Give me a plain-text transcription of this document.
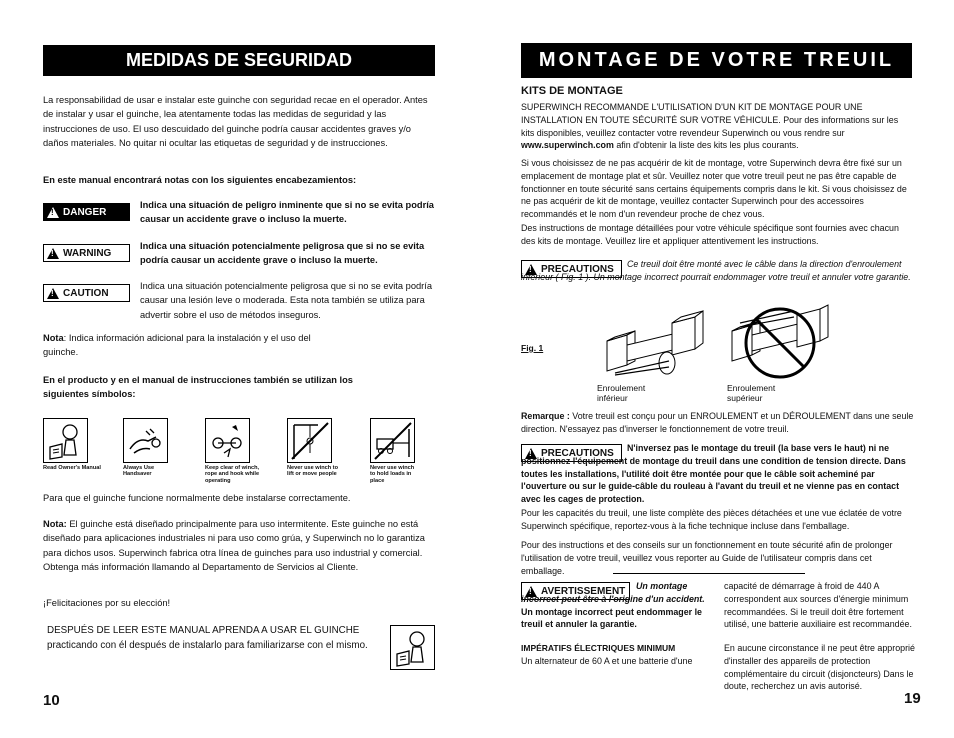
MEDIDAS DE SEGURIDAD

La responsabilidad de usar e instalar este guinche con seguridad recae en el operador. Antes de instalar y usar el guinche, lea atentamente todas las medidas de seguridad y las instrucciones de uso. El uso descuidado del guinche podría causar accidentes graves y/o daños materiales. No quitar ni ocultar las etiquetas de seguridad y de instrucciones.

En este manual encontrará notas con los siguientes encabezamientos:

!
DANGER

Indica una situación de peligro inminente que si no se evita podría causar un accidente grave o incluso la muerte.

!
WARNING

Indica una situación potencialmente peligrosa que si no se evita podría causar un accidente grave o incluso la muerte.

!
CAUTION

Indica una situación potencialmente peligrosa que si no se evita podría causar una lesión leve o moderada. Esta nota también se utiliza para advertir sobre el uso de métodos inseguros.

Nota: Indica información adicional para la instalación y el uso del guinche.

En el producto y en el manual de instrucciones también se utilizan los siguientes símbolos:

Read Owner's Manual	Always Use Handsaver
Keep clear of winch, rope and hook while operating
Never use winch to lift or move people
Never use winch to hold loads in place

Para que el guinche funcione normalmente debe instalarse correctamente.

Nota: El guinche está diseñado principalmente para uso intermitente. Este guinche no está diseñado para aplicaciones industriales ni para uso como grúa, y Superwinch no lo garantiza para dichos usos. Superwinch fabrica otra línea de guinches para uso industrial y comercial. Obtenga más información llamando al Departamento de Servicios al Cliente.

¡Felicitaciones por su elección!

DESPUÉS DE LEER ESTE MANUAL APRENDA A USAR EL GUINCHE practicando con él después de instalarlo para familiarizarse con el mismo.

10
MONTAGE DE VOTRE TREUIL
KITS DE MONTAGE

SUPERWINCH RECOMMANDE L'UTILISATION D'UN KIT DE MONTAGE POUR UNE INSTALLATION EN TOUTE SÉCURITÉ SUR VOTRE VÉHICULE. Pour des informations sur les kits disponibles, veuillez contacter votre revendeur Superwinch ou vous rendre sur www.superwinch.com afin d'obtenir la liste des kits les plus courants.

Si vous choisissez de ne pas acquérir de kit de montage, votre Superwinch devra être fixé sur un emplacement de montage plat et sûr. Veuillez noter que votre treuil peut ne pas être capable de fonctionner en toute sécurité sans certains équipements compris dans le kit. Si vous choisissez de ne pas acquérir de kit de montage, veuillez contacter Superwinch pour des accessoires recommandés et le nom d'un revendeur proche de chez vous.

Des instructions de montage détaillées pour votre véhicule spécifique sont fournies avec chacun des kits de montage. Veuillez lire et appliquer attentivement les instructions.

!
PRECAUTIONS	Ce treuil doit être monté avec le câble dans la direction d'enroulement inférieur ( Fig. 1 ). Un montage incorrect pourrait endommager votre treuil et annuler votre garantie.

Fig. 1
Enroulement inférieur
Enroulement supérieur

Remarque : Votre treuil est conçu pour un ENROULEMENT et un DÉROULEMENT dans une seule direction. N'essayez pas d'inverser le fonctionnement de votre treuil.

!
PRECAUTIONS	N'inversez pas le montage du treuil (la base vers le haut) ni ne positionnez l'équipement de montage du treuil dans une condition de tension directe. Dans toutes les installations, l'utilité doit être montée pour que le câble soit acheminé par l'ouverture ou sur le guide-câble du rouleau à l'avant du treuil et ne vienne pas en contact avec les cages de protection.

Pour les capacités du treuil, une liste complète des pièces détachées et une vue éclatée de votre Superwinch spécifique, reportez-vous à la fiche technique incluse dans l'emballage.

Pour des instructions et des conseils sur un fonctionnement en toute sécurité afin de prolonger l'utilisation de votre treuil, veuillez vous reporter au Guide de l'utilisateur compris dans cet emballage.

!
AVERTISSEMENT	Un montage incorrect peut être à l'origine d'un accident. Un montage incorrect peut endommager le treuil et annuler la garantie.

IMPÉRATIFS ÉLECTRIQUES MINIMUM

Un alternateur de 60 A et une batterie d'une

capacité de démarrage à froid de 440 A correspondent aux sources d'énergie minimum recommandées. Si le treuil doit être fortement utilisé, une batterie auxiliaire est recommandée.

En aucune circonstance il ne peut être approprié d'installer des appareils de protection complémentaire du circuit (disjoncteurs) Dans le doute, recherchez un avis autorisé.

19
